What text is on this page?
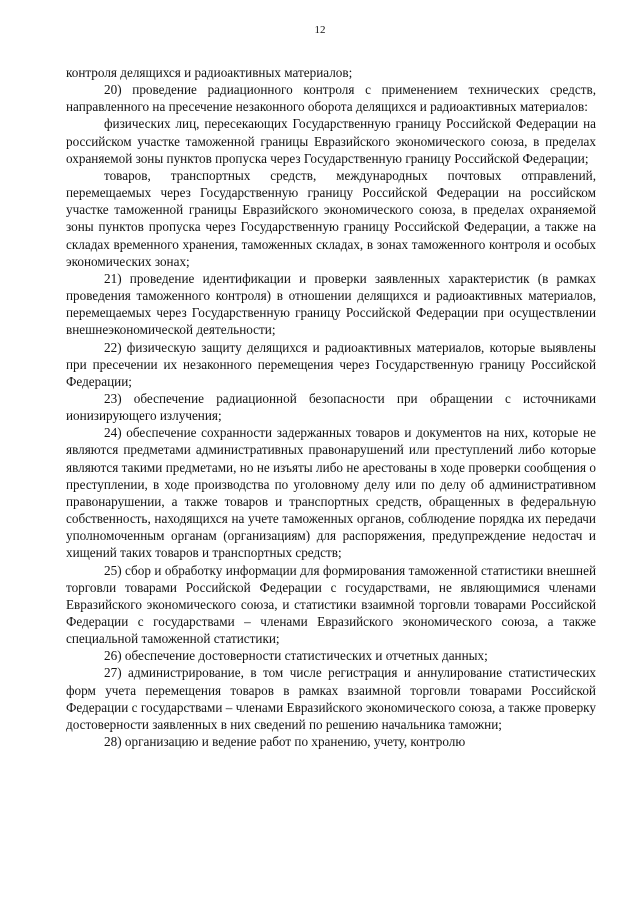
12

контроля делящихся и радиоактивных материалов;

20) проведение радиационного контроля с применением технических средств, направленного на пресечение незаконного оборота делящихся и радиоактивных материалов:

физических лиц, пересекающих Государственную границу Российской Федерации на российском участке таможенной границы Евразийского экономического союза, в пределах охраняемой зоны пунктов пропуска через Государственную границу Российской Федерации;

товаров, транспортных средств, международных почтовых отправлений, перемещаемых через Государственную границу Российской Федерации на российском участке таможенной границы Евразийского экономического союза, в пределах охраняемой зоны пунктов пропуска через Государственную границу Российской Федерации, а также на складах временного хранения, таможенных складах, в зонах таможенного контроля и особых экономических зонах;

21) проведение идентификации и проверки заявленных характеристик (в рамках проведения таможенного контроля) в отношении делящихся и радиоактивных материалов, перемещаемых через Государственную границу Российской Федерации при осуществлении внешнеэкономической деятельности;

22) физическую защиту делящихся и радиоактивных материалов, которые выявлены при пресечении их незаконного перемещения через Государственную границу Российской Федерации;

23) обеспечение радиационной безопасности при обращении с источниками ионизирующего излучения;

24) обеспечение сохранности задержанных товаров и документов на них, которые не являются предметами административных правонарушений или преступлений либо которые являются такими предметами, но не изъяты либо не арестованы в ходе проверки сообщения о преступлении, в ходе производства по уголовному делу или по делу об административном правонарушении, а также товаров и транспортных средств, обращенных в федеральную собственность, находящихся на учете таможенных органов, соблюдение порядка их передачи уполномоченным органам (организациям) для распоряжения, предупреждение недостач и хищений таких товаров и транспортных средств;

25) сбор и обработку информации для формирования таможенной статистики внешней торговли товарами Российской Федерации с государствами, не являющимися членами Евразийского экономического союза, и статистики взаимной торговли товарами Российской Федерации с государствами – членами Евразийского экономического союза, а также специальной таможенной статистики;

26) обеспечение достоверности статистических и отчетных данных;

27) администрирование, в том числе регистрация и аннулирование статистических форм учета перемещения товаров в рамках взаимной торговли товарами Российской Федерации с государствами – членами Евразийского экономического союза, а также проверку достоверности заявленных в них сведений по решению начальника таможни;

28) организацию и ведение работ по хранению, учету, контролю
